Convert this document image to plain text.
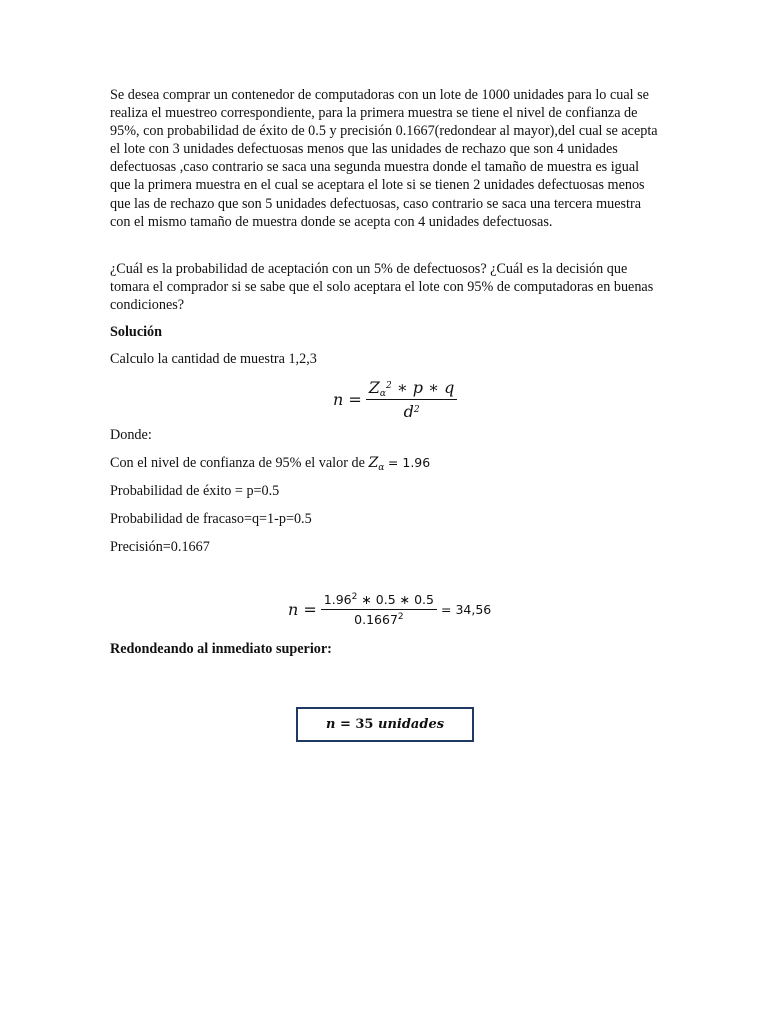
Se desea comprar un contenedor de computadoras con un lote de 1000 unidades para lo cual se realiza el muestreo correspondiente, para la primera muestra se tiene el nivel de confianza de 95%, con probabilidad de éxito de 0.5 y precisión 0.1667(redondear al mayor),del cual se acepta el lote con 3 unidades defectuosas menos que las unidades de rechazo que son 4 unidades defectuosas ,caso contrario se saca una segunda muestra donde el tamaño de muestra es igual que la primera muestra en el cual se aceptara el lote si se tienen 2 unidades defectuosas menos que las de rechazo que son 5 unidades defectuosas, caso contrario se saca una tercera muestra con el mismo tamaño de muestra donde se acepta con 4 unidades defectuosas.

¿Cuál es la probabilidad de aceptación con un 5% de defectuosos? ¿Cuál es la decisión que tomara el comprador si se sabe que el solo aceptara el lote con 95% de computadoras en buenas condiciones?

Solución

Calculo la cantidad de muestra 1,2,3

$n = \frac{Z_\alpha^2 ∗ p ∗ q}{d^2}$

Donde:

Con el nivel de confianza de 95% el valor de $Z_\alpha = 1.96$

Probabilidad de éxito = p=0.5

Probabilidad de fracaso=q=1-p=0.5

Precisión=0.1667

$n = \frac{1.96^2 ∗ 0.5 ∗ 0.5}{0.1667^2} = 34,56$

Redondeando al inmediato superior:

n
=
35
unidades
